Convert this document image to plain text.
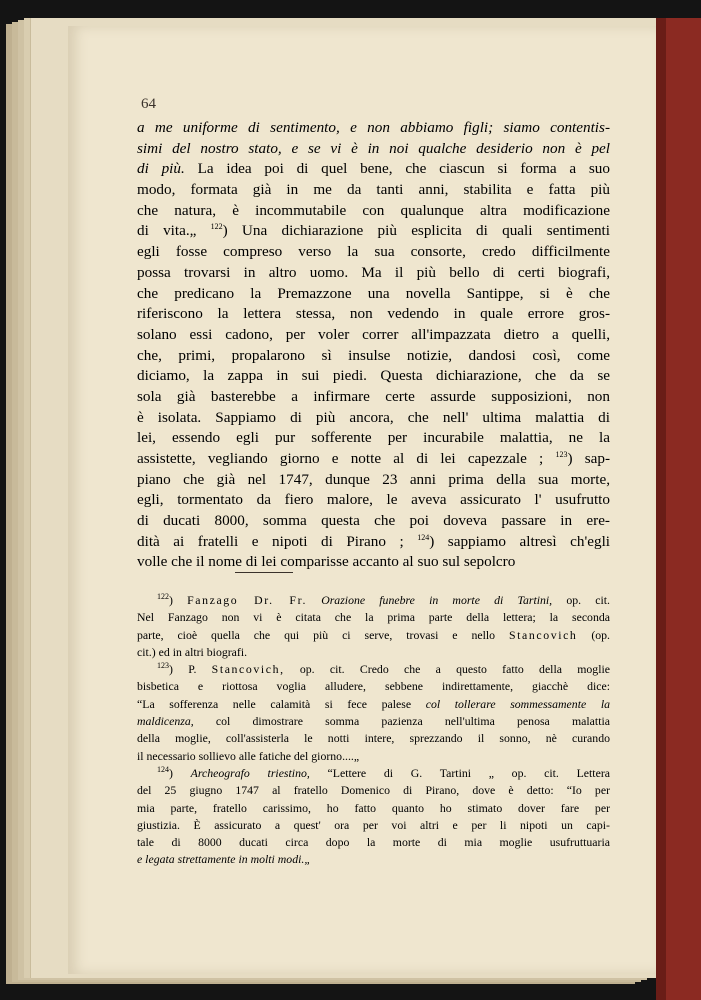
64
a me uniforme di sentimento, e non abbiamo figli; siamo contentis-
simi del nostro stato, e se vi è in noi qualche desiderio non è pel
di più. La idea poi di quel bene, che ciascun si forma a suo
modo, formata già in me da tanti anni, stabilita e fatta più
che natura, è incommutabile con qualunque altra modificazione
di vita.„ $^{122}$) Una dichiarazione più esplicita di quali sentimenti
egli fosse compreso verso la sua consorte, credo difficilmente
possa trovarsi in altro uomo. Ma il più bello di certi biografi,
che predicano la Premazzone una novella Santippe, si è che
riferiscono la lettera stessa, non vedendo in quale errore gros-
solano essi cadono, per voler correr all'impazzata dietro a quelli,
che, primi, propalarono sì insulse notizie, dandosi così, come
diciamo, la zappa in sui piedi. Questa dichiarazione, che da se
sola già basterebbe a infirmare certe assurde supposizioni, non
è isolata. Sappiamo di più ancora, che nell' ultima malattia di
lei, essendo egli pur sofferente per incurabile malattia, ne la
assistette, vegliando giorno e notte al di lei capezzale ; $^{123}$) sap-
piano che già nel 1747, dunque 23 anni prima della sua morte,
egli, tormentato da fiero malore, le aveva assicurato l' usufrutto
di ducati 8000, somma questa che poi doveva passare in ere-
dità ai fratelli e nipoti di Pirano ; $^{124}$) sappiamo altresì ch'egli
volle che il nome di lei comparisse accanto al suo sul sepolcro
$^{122}$) Fanzago Dr. Fr. Orazione funebre in morte di Tartini, op. cit.
Nel Fanzago non vi è citata che la prima parte della lettera; la seconda
parte, cioè quella che qui più ci serve, trovasi e nello Stancovich (op.
cit.) ed in altri biografi.
$^{123}$) P. Stancovich, op. cit. Credo che a questo fatto della moglie
bisbetica e riottosa voglia alludere, sebbene indirettamente, giacchè dice:
“La sofferenza nelle calamità si fece palese col tollerare sommessamente la
maldicenza, col dimostrare somma pazienza nell'ultima penosa malattia
della moglie, coll'assisterla le notti intere, sprezzando il sonno, nè curando
il necessario sollievo alle fatiche del giorno....„
$^{124}$) Archeografo triestino, “Lettere di G. Tartini „ op. cit. Lettera
del 25 giugno 1747 al fratello Domenico di Pirano, dove è detto: “Io per
mia parte, fratello carissimo, ho fatto quanto ho stimato dover fare per
giustizia. È assicurato a quest' ora per voi altri e per li nipoti un capi-
tale di 8000 ducati circa dopo la morte di mia moglie usufruttuaria
e legata strettamente in molti modi.„
